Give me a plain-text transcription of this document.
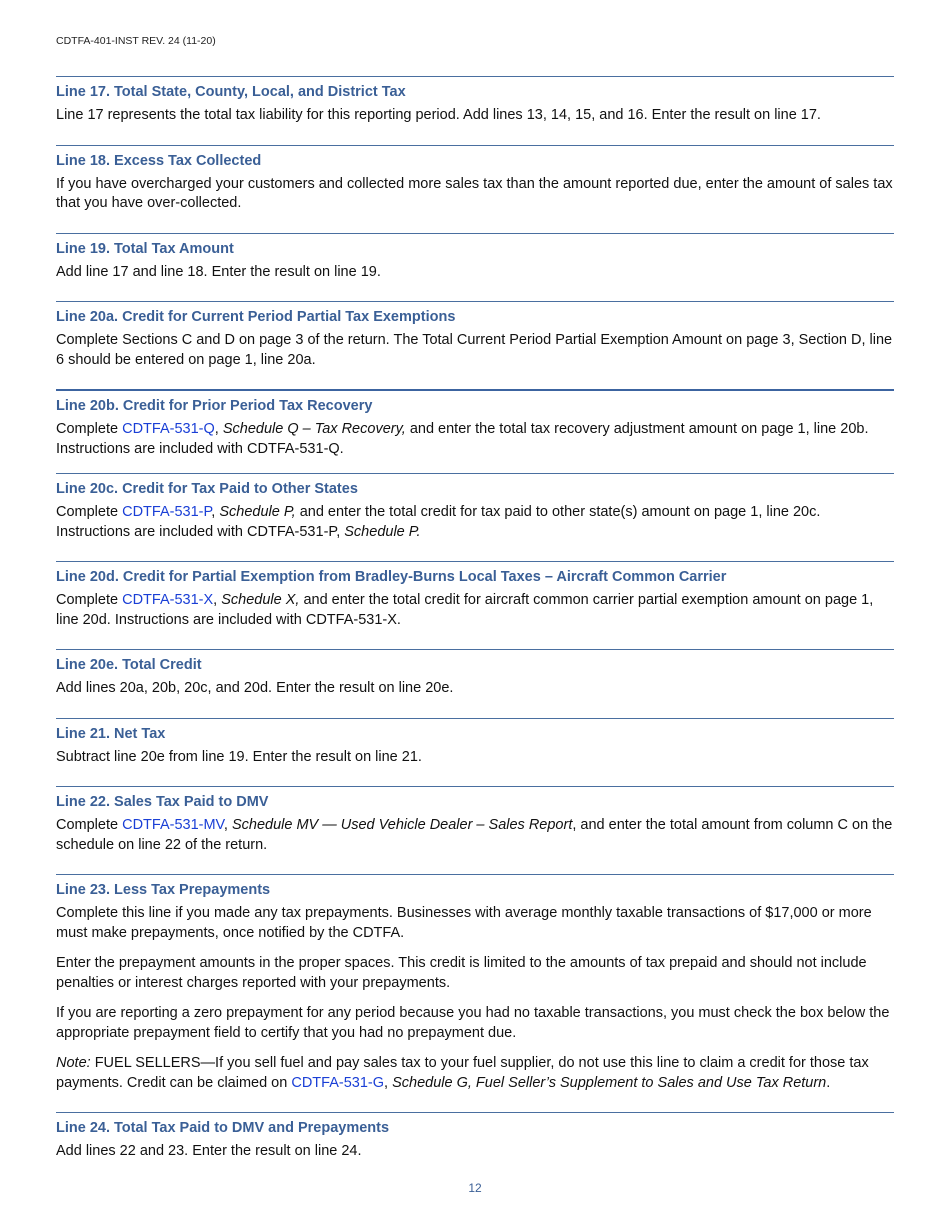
CDTFA-401-INST REV. 24 (11-20)
Line 17. Total State, County, Local, and District Tax

Line 17 represents the total tax liability for this reporting period. Add lines 13, 14, 15, and 16. Enter the result on line 17.

Line 18. Excess Tax Collected

If you have overcharged your customers and collected more sales tax than the amount reported due, enter the amount of sales tax that you have over-collected.

Line 19. Total Tax Amount

Add line 17 and line 18. Enter the result on line 19.

Line 20a. Credit for Current Period Partial Tax Exemptions

Complete Sections C and D on page 3 of the return. The Total Current Period Partial Exemption Amount on page 3, Section D, line 6 should be entered on page 1, line 20a.

Line 20b. Credit for Prior Period Tax Recovery

Complete CDTFA-531-Q, Schedule Q – Tax Recovery, and enter the total tax recovery adjustment amount on page 1, line 20b. Instructions are included with CDTFA-531-Q.

Line 20c. Credit for Tax Paid to Other States

Complete CDTFA-531-P, Schedule P, and enter the total credit for tax paid to other state(s) amount on page 1, line 20c. Instructions are included with CDTFA-531-P, Schedule P.

Line 20d. Credit for Partial Exemption from Bradley-Burns Local Taxes – Aircraft Common Carrier

Complete CDTFA-531-X, Schedule X, and enter the total credit for aircraft common carrier partial exemption amount on page 1, line 20d. Instructions are included with CDTFA-531-X.

Line 20e. Total Credit

Add lines 20a, 20b, 20c, and 20d. Enter the result on line 20e.

Line 21. Net Tax

Subtract line 20e from line 19. Enter the result on line 21.

Line 22. Sales Tax Paid to DMV

Complete CDTFA-531-MV, Schedule MV — Used Vehicle Dealer – Sales Report, and enter the total amount from column C on the schedule on line 22 of the return.

Line 23. Less Tax Prepayments

Complete this line if you made any tax prepayments. Businesses with average monthly taxable transactions of $17,000 or more must make prepayments, once notified by the CDTFA.

Enter the prepayment amounts in the proper spaces. This credit is limited to the amounts of tax prepaid and should not include penalties or interest charges reported with your prepayments.

If you are reporting a zero prepayment for any period because you had no taxable transactions, you must check the box below the appropriate prepayment field to certify that you had no prepayment due.

Note: FUEL SELLERS—If you sell fuel and pay sales tax to your fuel supplier, do not use this line to claim a credit for those tax payments. Credit can be claimed on CDTFA-531-G, Schedule G, Fuel Seller’s Supplement to Sales and Use Tax Return.

Line 24. Total Tax Paid to DMV and Prepayments

Add lines 22 and 23. Enter the result on line 24.

12
